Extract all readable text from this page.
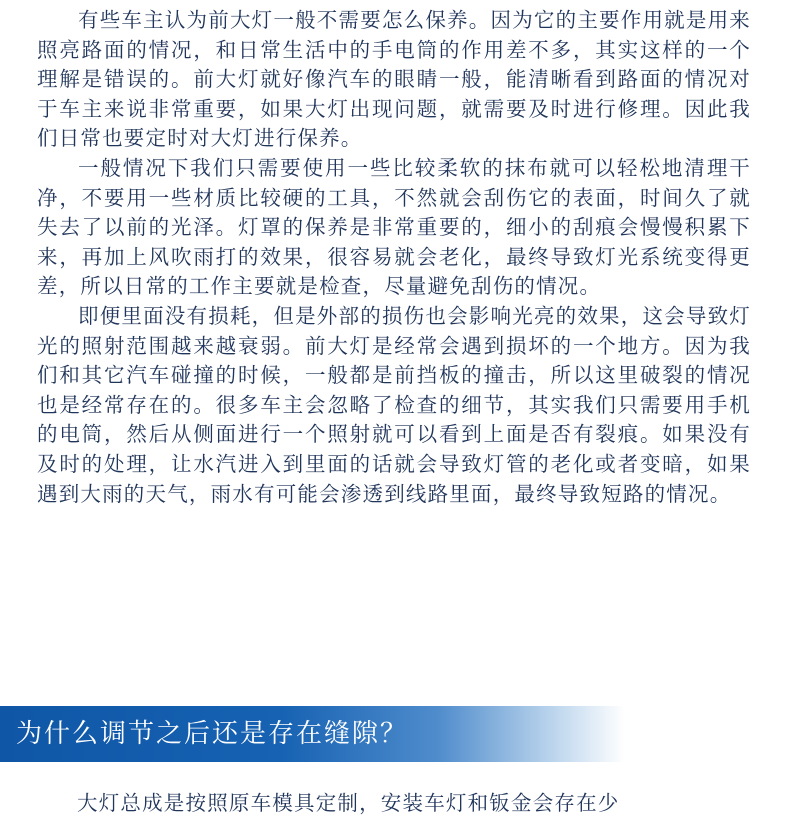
有些车主认为前大灯一般不需要怎么保养。因为它的主要作用就是用来照亮路面的情况，和日常生活中的手电筒的作用差不多，其实这样的一个理解是错误的。前大灯就好像汽车的眼睛一般，能清晰看到路面的情况对于车主来说非常重要，如果大灯出现问题，就需要及时进行修理。因此我们日常也要定时对大灯进行保养。

一般情况下我们只需要使用一些比较柔软的抹布就可以轻松地清理干净，不要用一些材质比较硬的工具，不然就会刮伤它的表面，时间久了就失去了以前的光泽。灯罩的保养是非常重要的，细小的刮痕会慢慢积累下来，再加上风吹雨打的效果，很容易就会老化，最终导致灯光系统变得更差，所以日常的工作主要就是检查，尽量避免刮伤的情况。

即便里面没有损耗，但是外部的损伤也会影响光亮的效果，这会导致灯光的照射范围越来越衰弱。前大灯是经常会遇到损坏的一个地方。因为我们和其它汽车碰撞的时候，一般都是前挡板的撞击，所以这里破裂的情况也是经常存在的。很多车主会忽略了检查的细节，其实我们只需要用手机的电筒，然后从侧面进行一个照射就可以看到上面是否有裂痕。如果没有及时的处理，让水汽进入到里面的话就会导致灯管的老化或者变暗，如果遇到大雨的天气，雨水有可能会渗透到线路里面，最终导致短路的情况。

为什么调节之后还是存在缝隙？

大灯总成是按照原车模具定制，安装车灯和钣金会存在少
